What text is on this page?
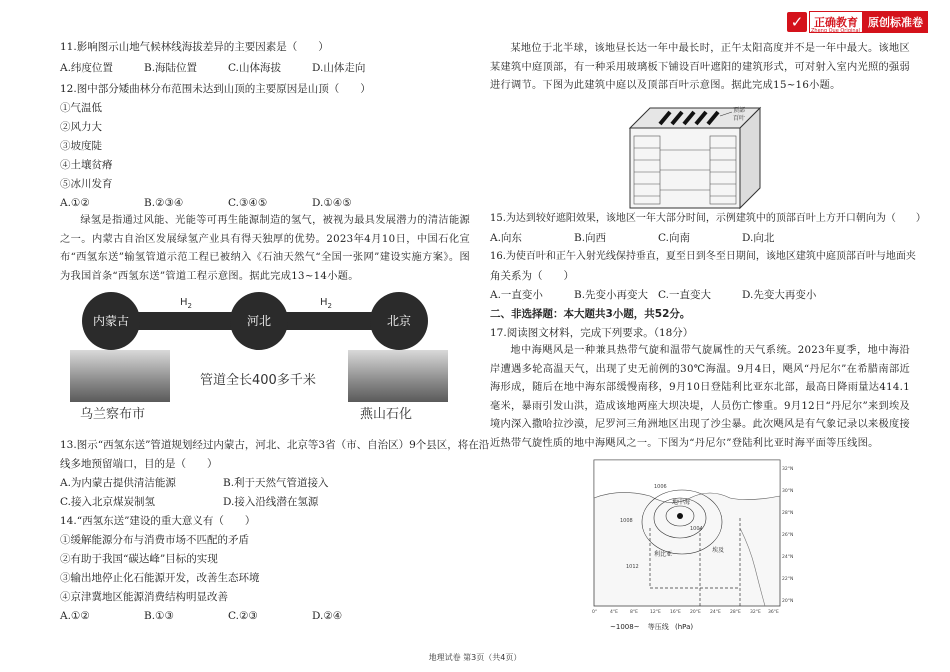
✓ 正确教育 原创标准卷
Zheng Que Original Standardized Exam Paper
11.影响图示山地气候林线海拔差异的主要因素是（　　）
A.纬度位置	B.海陆位置	C.山体海拔	D.山体走向
12.图中部分矮曲林分布范围未达到山顶的主要原因是山顶（　　）
①气温低
②风力大
③坡度陡
④土壤贫瘠
⑤冰川发育
A.①②	B.②③④	C.③④⑤	D.①④⑤
绿氢是指通过风能、光能等可再生能源制造的氢气，被视为最具发展潜力的清洁能源之一。内蒙古自治区发展绿氢产业具有得天独厚的优势。2023年4月10日，中国石化宣布“西氢东送”输氢管道示范工程已被纳入《石油天然气“全国一张网”建设实施方案》。图为我国首条“西氢东送”管道工程示意图。据此完成13~14小题。
内蒙古	河北	北京
$H_2$	$H_2$
管道全长400多千米
乌兰察布市	燕山石化
13.图示“西氢东送”管道规划经过内蒙古，河北、北京等3省（市、自治区）9个县区，将在沿
线多地预留端口，目的是（　　）
A.为内蒙古提供清洁能源	B.利于天然气管道接入
C.接入北京煤炭制氢	D.接入沿线潜在氢源
14.“西氢东送”建设的重大意义有（　　）
①缓解能源分布与消费市场不匹配的矛盾
②有助于我国“碳达峰”目标的实现
③输出地停止化石能源开发，改善生态环境
④京津冀地区能源消费结构明显改善
A.①②	B.①③	C.②③	D.②④
某地位于北半球，该地昼长达一年中最长时，正午太阳高度并不是一年中最大。该地区某建筑中庭顶部，有一种采用玻璃板下铺设百叶遮阳的建筑形式，可对射入室内光照的强弱进行调节。下图为此建筑中庭以及顶部百叶示意图。据此完成15~16小题。
顶部
百叶
15.为达到较好遮阳效果，该地区一年大部分时间，示例建筑中的顶部百叶上方开口朝向为（　　）
A.向东	B.向西	C.向南	D.向北
16.为使百叶和正午入射光线保持垂直，夏至日到冬至日期间，该地区建筑中庭顶部百叶与地面夹
角关系为（　　）
A.一直变小	B.先变小再变大 C.一直变大	D.先变大再变小
二、非选择题：本大题共3小题，共52分。
17.阅读图文材料，完成下列要求。（18分）
地中海飓风是一种兼具热带气旋和温带气旋属性的天气系统。2023年夏季，地中海沿岸遭遇多轮高温天气，出现了史无前例的30℃海温。9月4日，飓风“丹尼尔”在希腊南部近海形成，随后在地中海东部缓慢南移，9月10日登陆利比亚东北部，最高日降雨量达414.1毫米，暴雨引发山洪，造成该地两座大坝决堤，人员伤亡惨重。9月12日“丹尼尔”来到埃及境内深入撒哈拉沙漠，尼罗河三角洲地区出现了沙尘暴。此次飓风是有气象记录以来极度接近热带气旋性质的地中海飓风之一。下图为“丹尼尔”登陆利比亚时海平面等压线图。
地中海
利比亚
埃及
1008
1012
1006
1004
32°N
30°N
28°N
26°N
24°N
22°N
20°N
0°	4°E	8°E	12°E 16°E 20°E 24°E 28°E 32°E 36°E
~1008~ 等压线 (hPa)
地理试卷 第3页（共4页）
